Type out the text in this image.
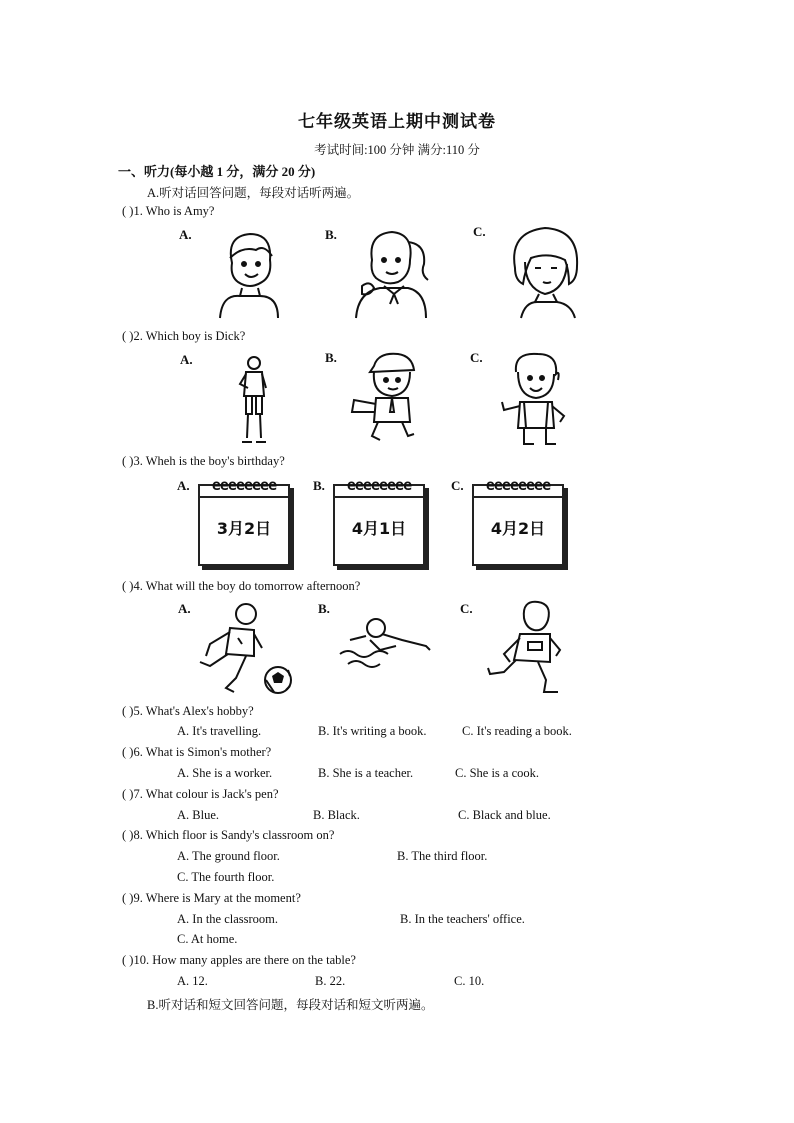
七年级英语上期中测试卷
考试时间:100 分钟 满分:110 分
一、听力(每小越 1 分，满分 20 分)
A.听对话回答问题，每段对话听两遍。
( )1. Who is Amy?
A.	B.	C.
( )2. Which boy is Dick?
A.	B.	C.
( )3. Wheh is the boy's birthday?
A.	B.	C.
eeeeeeee
3月2日
eeeeeeee
4月1日
eeeeeeee
4月2日
( )4. What will the boy do tomorrow afternoon?
A.	B.	C.
( )5. What's Alex's hobby?
A. It's travelling.	B. It's writing a book.	C. It's reading a book.
( )6. What is Simon's mother?
A. She is a worker.	B. She is a teacher.	C. She is a cook.
( )7. What colour is Jack's pen?
A. Blue.	B. Black.	C. Black and blue.
( )8. Which floor is Sandy's classroom on?
A. The ground floor.	B. The third floor.
C. The fourth floor.
( )9. Where is Mary at the moment?
A. In the classroom.	B. In the teachers' office.
C. At home.
( )10. How many apples are there on the table?
A. 12.	B. 22.	C. 10.
B.听对话和短文回答问题，每段对话和短文听两遍。
